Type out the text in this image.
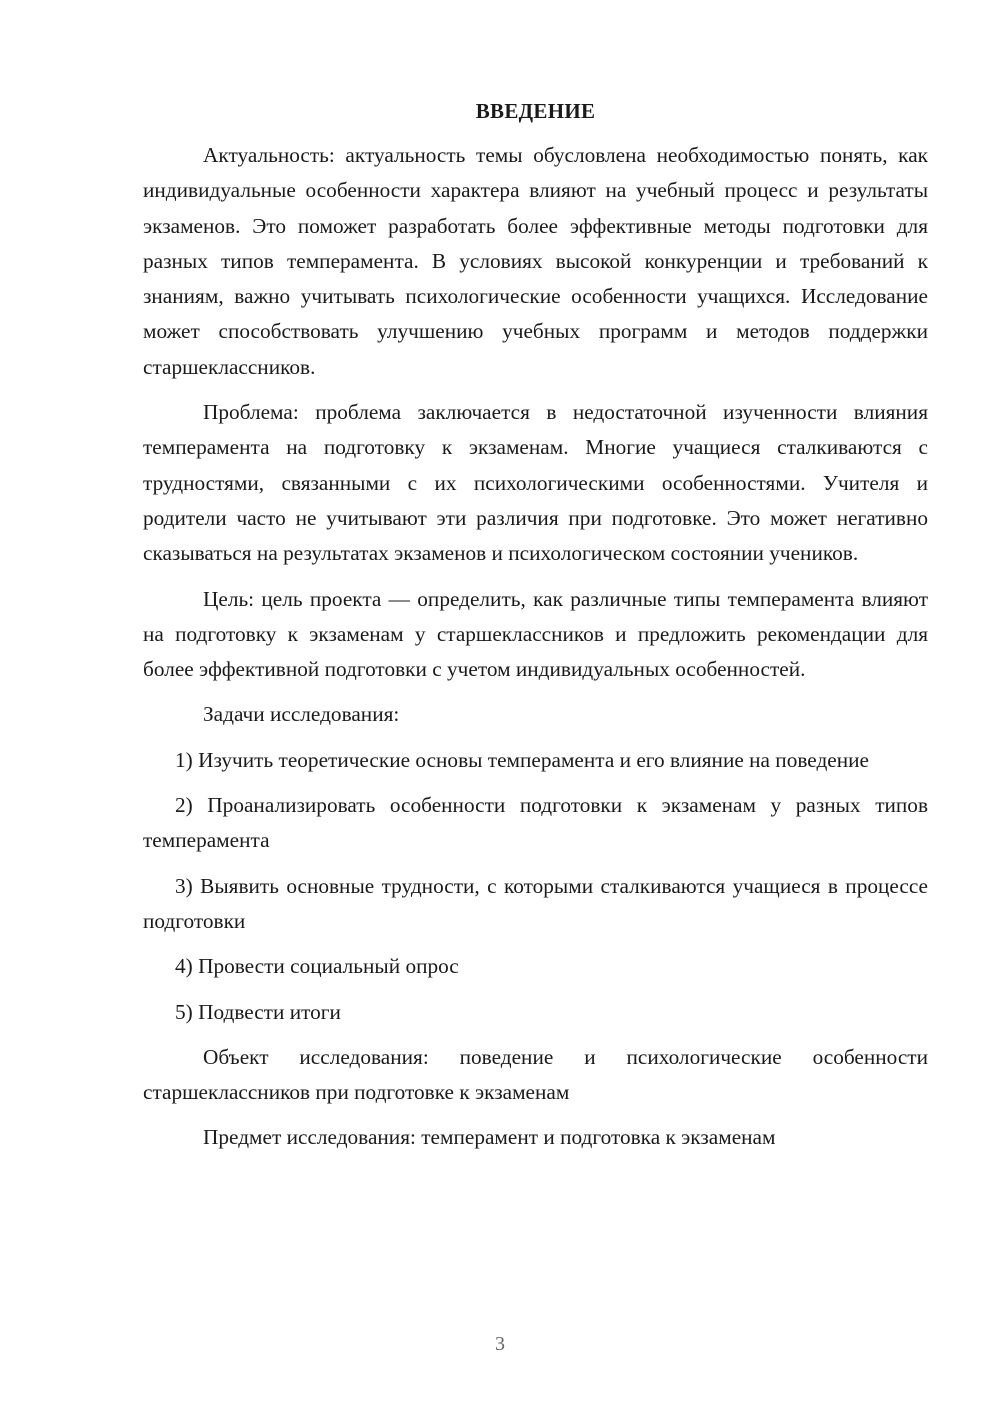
ВВЕДЕНИЕ

Актуальность: актуальность темы обусловлена необходимостью понять, как индивидуальные особенности характера влияют на учебный процесс и результаты экзаменов. Это поможет разработать более эффективные методы подготовки для разных типов темперамента. В условиях высокой конкуренции и требований к знаниям, важно учитывать психологические особенности учащихся. Исследование может способствовать улучшению учебных программ и методов поддержки старшеклассников.

Проблема: проблема заключается в недостаточной изученности влияния темперамента на подготовку к экзаменам. Многие учащиеся сталкиваются с трудностями, связанными с их психологическими особенностями. Учителя и родители часто не учитывают эти различия при подготовке. Это может негативно сказываться на результатах экзаменов и психологическом состоянии учеников.

Цель: цель проекта — определить, как различные типы темперамента влияют на подготовку к экзаменам у старшеклассников и предложить рекомендации для более эффективной подготовки с учетом индивидуальных особенностей.

Задачи исследования:

1) Изучить теоретические основы темперамента и его влияние на поведение

2) Проанализировать особенности подготовки к экзаменам у разных типов темперамента

3) Выявить основные трудности, с которыми сталкиваются учащиеся в процессе подготовки

4) Провести социальный опрос

5) Подвести итоги

Объект исследования: поведение и психологические особенности старшеклассников при подготовке к экзаменам

Предмет исследования: темперамент и подготовка к экзаменам

3
